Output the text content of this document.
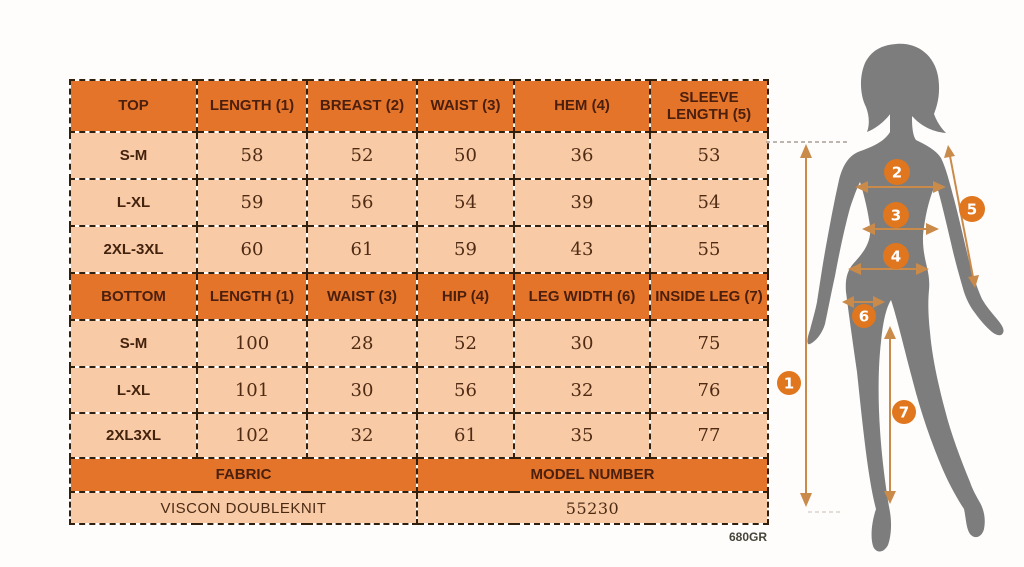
TOP	LENGTH (1)	BREAST (2)	WAIST (3)	HEM (4)	SLEEVE LENGTH (5)
S-M	58	52	50	36	53
L-XL	59	56	54	39	54
2XL-3XL	60	61	59	43	55
BOTTOM	LENGTH (1)	WAIST (3)	HIP (4)	LEG WIDTH (6)	INSIDE LEG (7)
S-M	100	28	52	30	75
L-XL	101	30	56	32	76
2XL3XL	102	32	61	35	77
FABRIC			MODEL NUMBER		
VISCON DOUBLEKNIT			55230		
680GR
1
2
3
4
5
6
7
